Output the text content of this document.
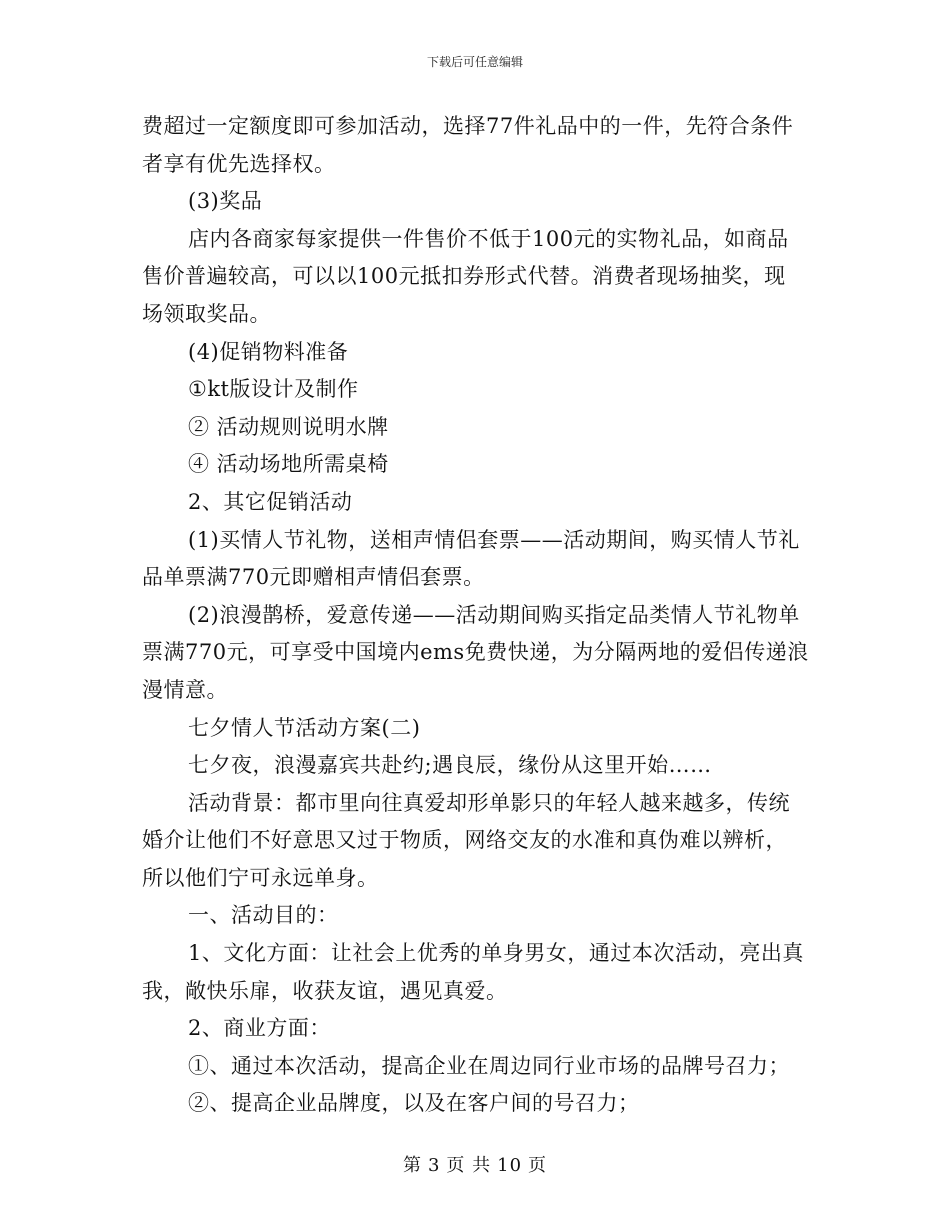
下载后可任意编辑
费超过一定额度即可参加活动，选择77件礼品中的一件，先符合条件
者享有优先选择权。
(3)奖品
店内各商家每家提供一件售价不低于100元的实物礼品，如商品
售价普遍较高，可以以100元抵扣券形式代替。消费者现场抽奖，现
场领取奖品。
(4)促销物料准备
①kt版设计及制作
② 活动规则说明水牌
④ 活动场地所需桌椅
2、其它促销活动
(1)买情人节礼物，送相声情侣套票——活动期间，购买情人节礼
品单票满770元即赠相声情侣套票。
(2)浪漫鹊桥，爱意传递——活动期间购买指定品类情人节礼物单
票满770元，可享受中国境内ems免费快递，为分隔两地的爱侣传递浪
漫情意。
七夕情人节活动方案(二)
七夕夜，浪漫嘉宾共赴约;遇良辰，缘份从这里开始……
活动背景：都市里向往真爱却形单影只的年轻人越来越多，传统
婚介让他们不好意思又过于物质，网络交友的水准和真伪难以辨析，
所以他们宁可永远单身。
一、活动目的：
1、文化方面：让社会上优秀的单身男女，通过本次活动，亮出真
我，敞快乐扉，收获友谊，遇见真爱。
2、商业方面：
①、通过本次活动，提高企业在周边同行业市场的品牌号召力；
②、提高企业品牌度，以及在客户间的号召力；
第 3 页 共 10 页
